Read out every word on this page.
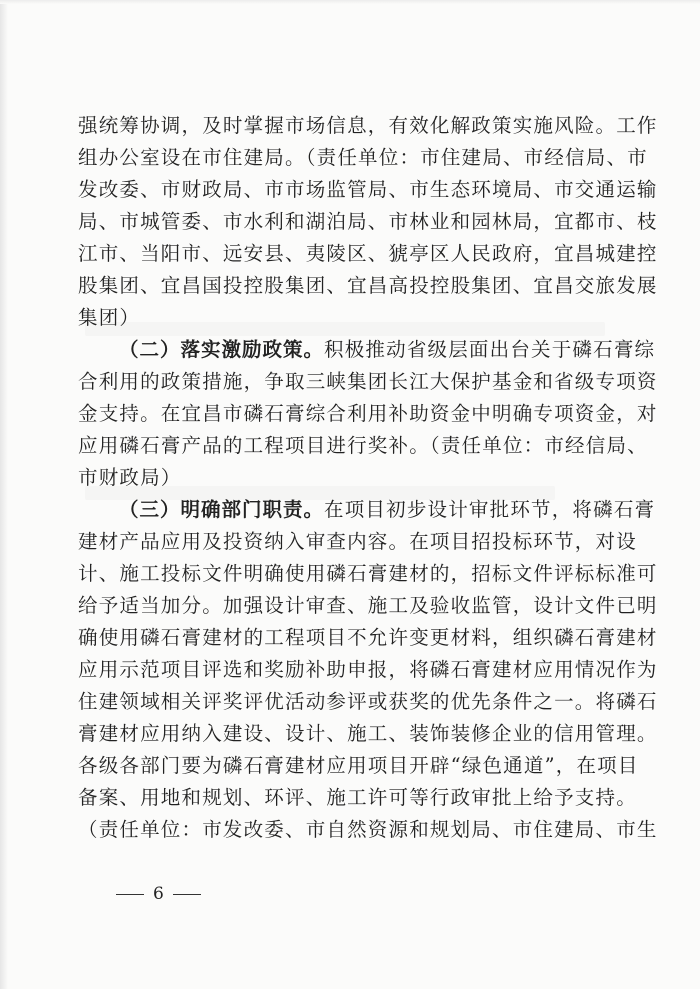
强统筹协调，及时掌握市场信息，有效化解政策实施风险。工作
组办公室设在市住建局。（责任单位：市住建局、市经信局、市
发改委、市财政局、市市场监管局、市生态环境局、市交通运输
局、市城管委、市水利和湖泊局、市林业和园林局，宜都市、枝
江市、当阳市、远安县、夷陵区、猇亭区人民政府，宜昌城建控
股集团、宜昌国投控股集团、宜昌高投控股集团、宜昌交旅发展
集团）
（二）落实激励政策。积极推动省级层面出台关于磷石膏综
合利用的政策措施，争取三峡集团长江大保护基金和省级专项资
金支持。在宜昌市磷石膏综合利用补助资金中明确专项资金，对
应用磷石膏产品的工程项目进行奖补。（责任单位：市经信局、
市财政局）
（三）明确部门职责。在项目初步设计审批环节，将磷石膏
建材产品应用及投资纳入审查内容。在项目招投标环节，对设
计、施工投标文件明确使用磷石膏建材的，招标文件评标标准可
给予适当加分。加强设计审查、施工及验收监管，设计文件已明
确使用磷石膏建材的工程项目不允许变更材料，组织磷石膏建材
应用示范项目评选和奖励补助申报，将磷石膏建材应用情况作为
住建领域相关评奖评优活动参评或获奖的优先条件之一。将磷石
膏建材应用纳入建设、设计、施工、装饰装修企业的信用管理。
各级各部门要为磷石膏建材应用项目开辟“绿色通道”，在项目
备案、用地和规划、环评、施工许可等行政审批上给予支持。
（责任单位：市发改委、市自然资源和规划局、市住建局、市生
6
